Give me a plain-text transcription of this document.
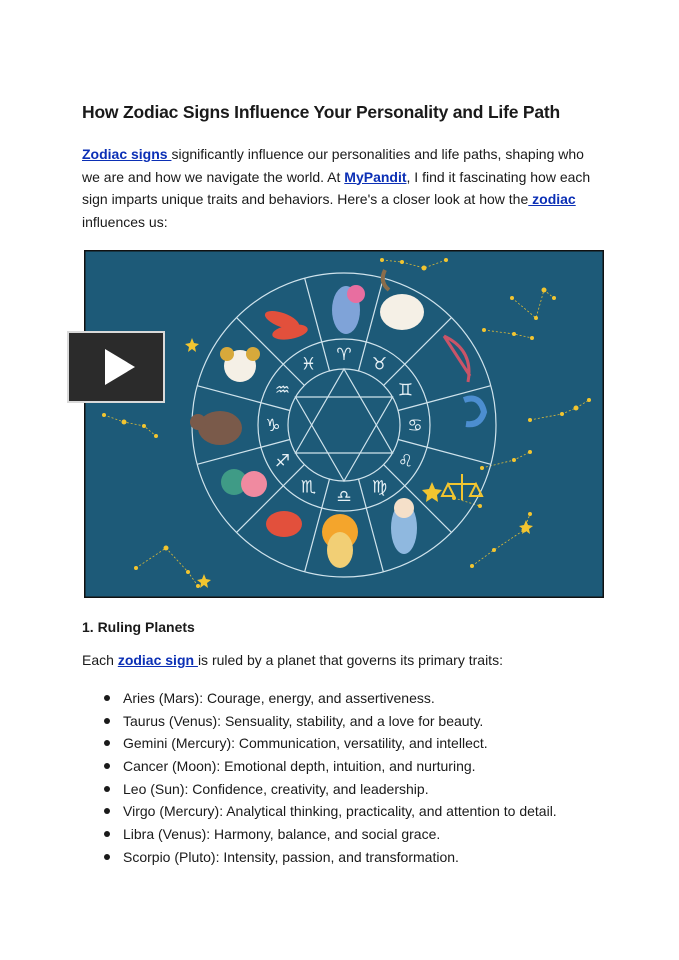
How Zodiac Signs Influence Your Personality and Life Path
Zodiac signs significantly influence our personalities and life paths, shaping who we are and how we navigate the world. At MyPandit, I find it fascinating how each sign imparts unique traits and behaviors. Here's a closer look at how the zodiac influences us:
♈ ♉
♊
♋
♌
♍
♎
♏
♐
♑
♒
♓
1. Ruling Planets
Each zodiac sign is ruled by a planet that governs its primary traits:
Aries (Mars): Courage, energy, and assertiveness.
Taurus (Venus): Sensuality, stability, and a love for beauty.
Gemini (Mercury): Communication, versatility, and intellect.
Cancer (Moon): Emotional depth, intuition, and nurturing.
Leo (Sun): Confidence, creativity, and leadership.
Virgo (Mercury): Analytical thinking, practicality, and attention to detail.
Libra (Venus): Harmony, balance, and social grace.
Scorpio (Pluto): Intensity, passion, and transformation.
